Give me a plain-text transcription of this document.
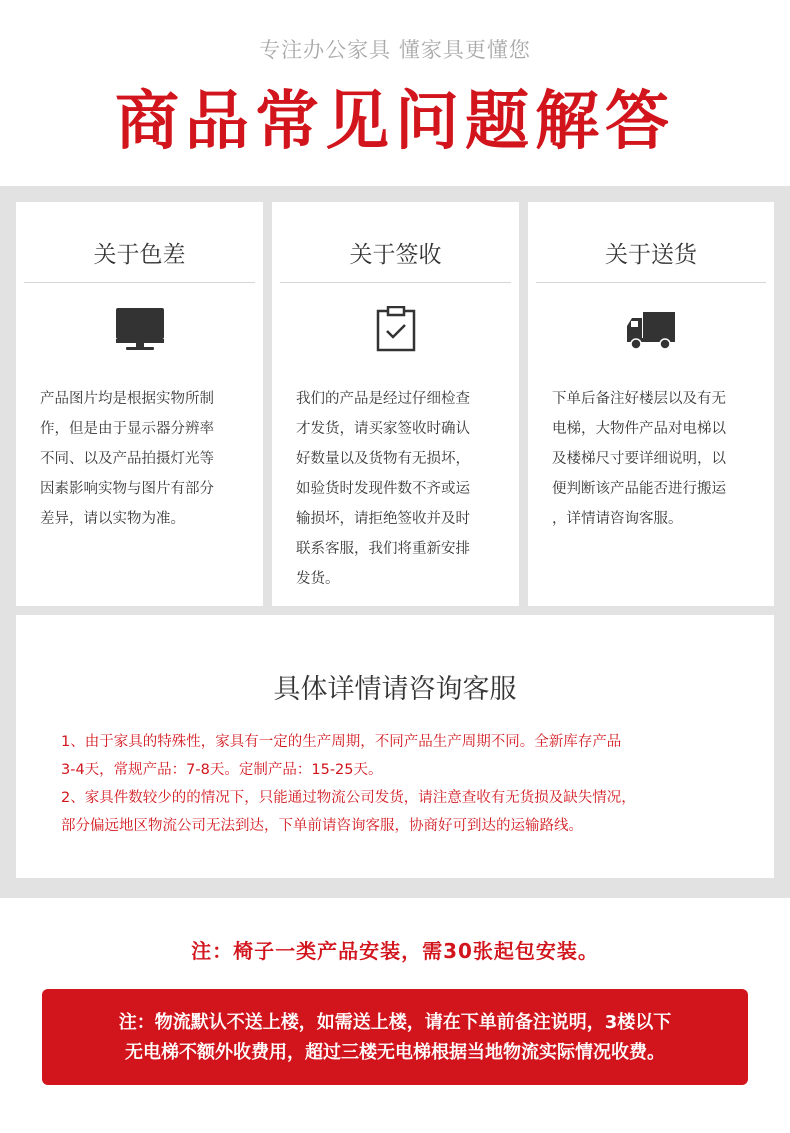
专注办公家具 懂家具更懂您
商品常见问题解答
关于色差
产品图片均是根据实物所制
作，但是由于显示器分辨率
不同、以及产品拍摄灯光等
因素影响实物与图片有部分
差异，请以实物为准。
关于签收
我们的产品是经过仔细检查
才发货，请买家签收时确认
好数量以及货物有无损坏，
如验货时发现件数不齐或运
输损坏，请拒绝签收并及时
联系客服，我们将重新安排
发货。
关于送货
下单后备注好楼层以及有无
电梯，大物件产品对电梯以
及楼梯尺寸要详细说明，以
便判断该产品能否进行搬运
，详情请咨询客服。
具体详情请咨询客服
1、由于家具的特殊性，家具有一定的生产周期，不同产品生产周期不同。全新库存产品
3-4天，常规产品：7-8天。定制产品：15-25天。
2、家具件数较少的的情况下，只能通过物流公司发货，请注意查收有无货损及缺失情况，
部分偏远地区物流公司无法到达，下单前请咨询客服，协商好可到达的运输路线。
注：椅子一类产品安装，需30张起包安装。
注：物流默认不送上楼，如需送上楼，请在下单前备注说明，3楼以下
无电梯不额外收费用，超过三楼无电梯根据当地物流实际情况收费。
